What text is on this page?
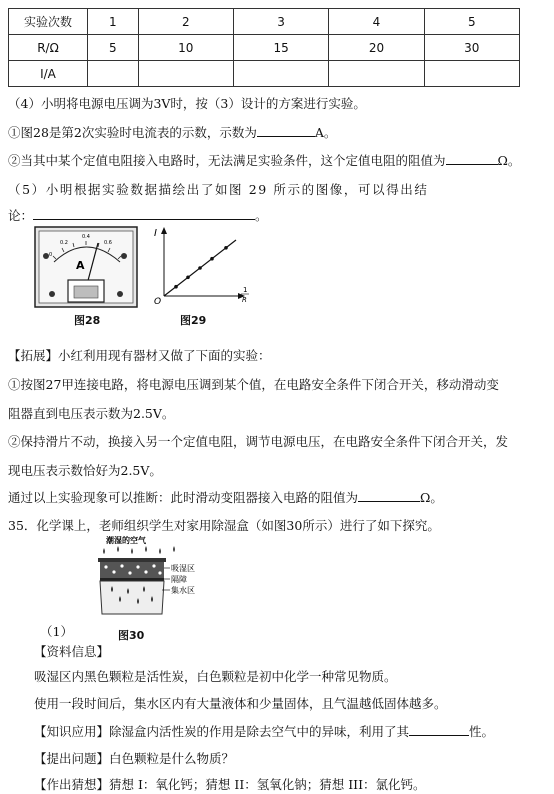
实验次数	1	2	3	4	5
R/Ω	5	10	15	20	30
I/A					
（4）小明将电源电压调为3V时，按（3）设计的方案进行实验。
①图28是第2次实验时电流表的示数，示数为	A。
②当其中某个定值电阻接入电路时，无法满足实验条件，这个定值电阻的阻值为	Ω。
（5）小明根据实验数据描绘出了如图 29 所示的图像，可以得出结
论：	。
0
0.2
0.4
0.6
A
图28
I
O
1
R
图29
【拓展】小红利用现有器材又做了下面的实验：
①按图27甲连接电路，将电源电压调到某个值，在电路安全条件下闭合开关，移动滑动变
阻器直到电压表示数为2.5V。
②保持滑片不动，换接入另一个定值电阻，调节电源电压，在电路安全条件下闭合开关，发
现电压表示数恰好为2.5V。
通过以上实验现象可以推断：此时滑动变阻器接入电路的阻值为	Ω。
35．化学课上，老师组织学生对家用除湿盒（如图30所示）进行了如下探究。
潮湿的空气
吸湿区
隔障
集水区
（1）	图30
【资料信息】
吸湿区内黑色颗粒是活性炭，白色颗粒是初中化学一种常见物质。
使用一段时间后，集水区内有大量液体和少量固体，且气温越低固体越多。
【知识应用】除湿盒内活性炭的作用是除去空气中的异味，利用了其	性。
【提出问题】白色颗粒是什么物质？
【作出猜想】猜想 I：氧化钙；猜想 II：氢氧化钠；猜想 III：氯化钙。
